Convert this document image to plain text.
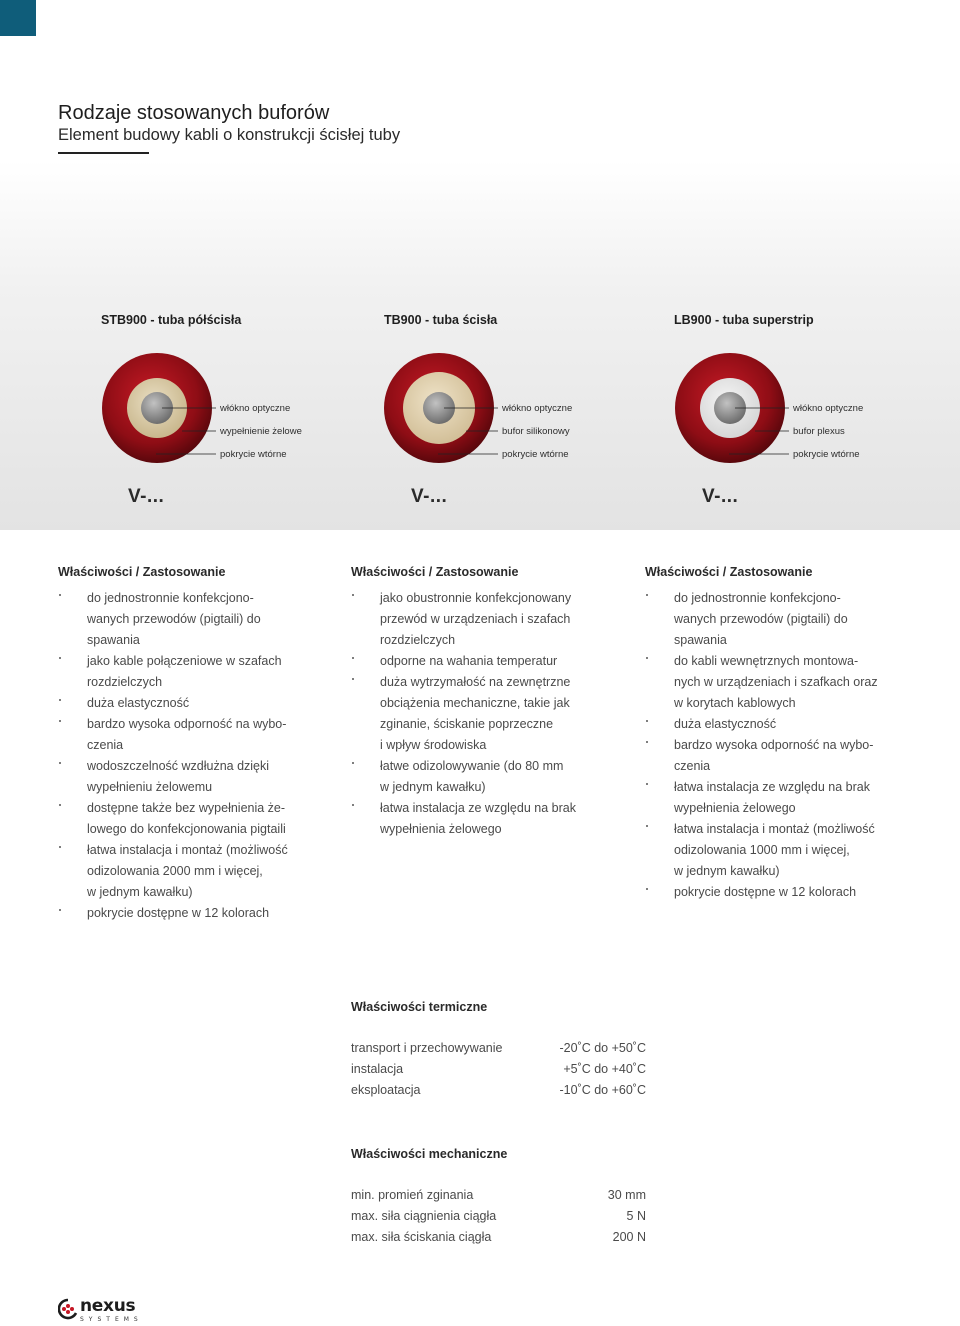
Rodzaje stosowanych buforów
Element budowy kabli o konstrukcji ścisłej tuby
STB900 - tuba półścisła
włókno optyczne
wypełnienie żelowe
pokrycie wtórne
V-...
TB900 - tuba ścisła
włókno optyczne
bufor silikonowy
pokrycie wtórne
V-...
LB900 - tuba superstrip
włókno optyczne
bufor plexus
pokrycie wtórne
V-...
Właściwości / Zastosowanie
do jednostronnie konfekcjono-
wanych przewodów (pigtaili) do
spawania
jako kable połączeniowe w szafach
rozdzielczych
duża elastyczność
bardzo wysoka odporność na wybo-
czenia
wodoszczelność wzdłużna dzięki
wypełnieniu żelowemu
dostępne także bez wypełnienia że-
lowego do konfekcjonowania pigtaili
łatwa instalacja i montaż (możliwość
odizolowania 2000 mm i więcej,
w jednym kawałku)
pokrycie dostępne w 12 kolorach
Właściwości / Zastosowanie
jako obustronnie konfekcjonowany
przewód w urządzeniach i szafach
rozdzielczych
odporne na wahania temperatur
duża wytrzymałość na zewnętrzne
obciążenia mechaniczne, takie jak
zginanie, ściskanie poprzeczne
i wpływ środowiska
łatwe odizolowywanie (do 80 mm
w jednym kawałku)
łatwa instalacja ze względu na brak
wypełnienia żelowego
Właściwości / Zastosowanie
do jednostronnie konfekcjono-
wanych przewodów (pigtaili) do
spawania
do kabli wewnętrznych montowa-
nych w urządzeniach i szafkach oraz
w korytach kablowych
duża elastyczność
bardzo wysoka odporność na wybo-
czenia
łatwa instalacja ze względu na brak
wypełnienia żelowego
łatwa instalacja i montaż (możliwość
odizolowania 1000 mm i więcej,
w jednym kawałku)
pokrycie dostępne w 12 kolorach
Właściwości termiczne
transport i przechowywanie	-20˚C do +50˚C
instalacja	+5˚C do +40˚C
eksploatacja	-10˚C do +60˚C
Właściwości mechaniczne
min. promień zginania	30 mm
max. siła ciągnienia ciągła	5 N
max. siła ściskania ciągła	200 N
nexus
SYSTEMS
